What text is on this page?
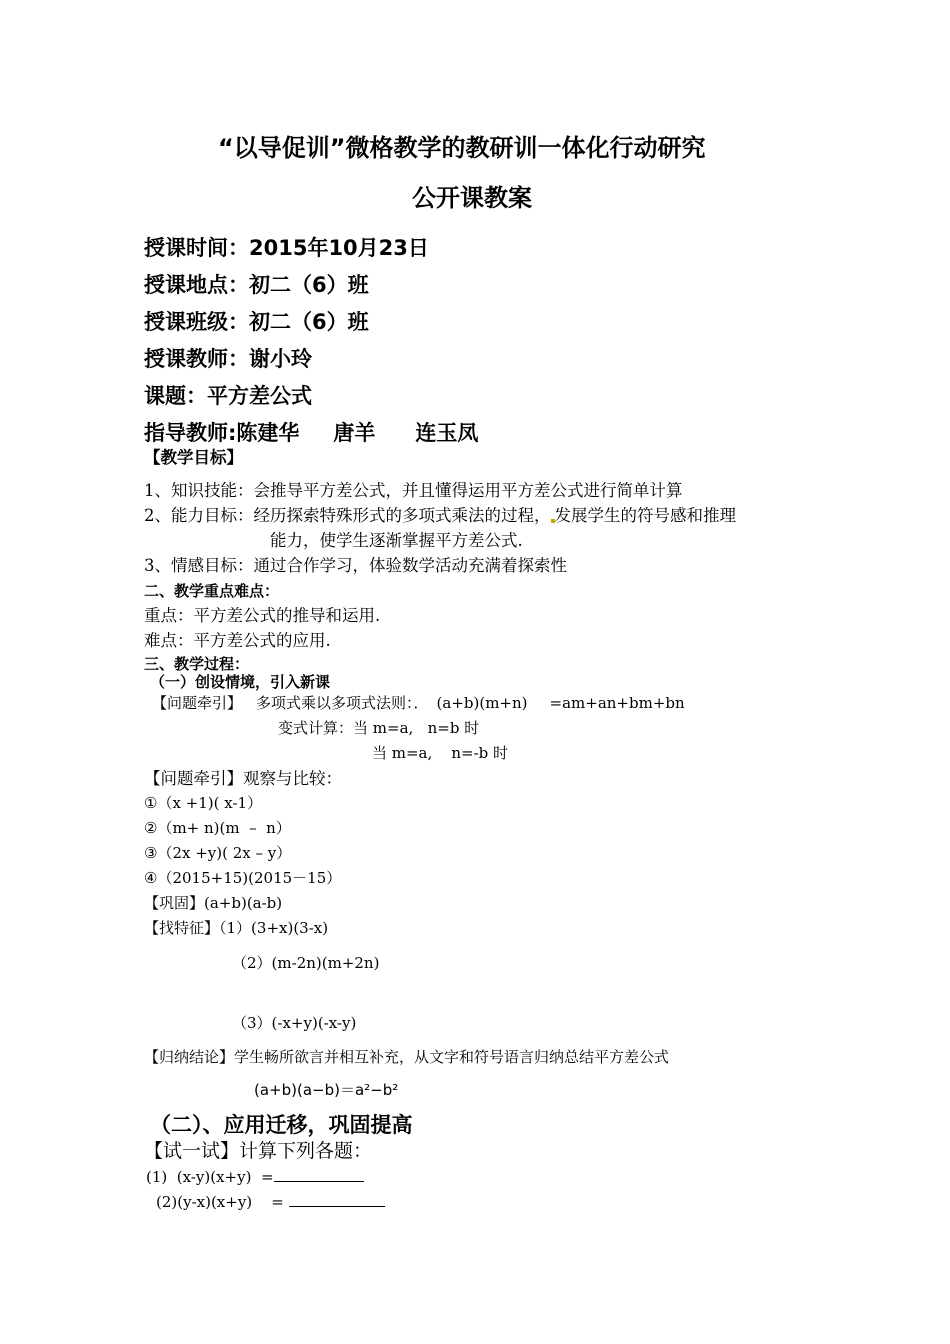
“以导促训”微格教学的教研训一体化行动研究
公开课教案
授课时间：2015年10月23日
授课地点：初二（6）班
授课班级：初二（6）班
授课教师：谢小玲
课题：平方差公式
指导教师:陈建华 唐羊 连玉凤
【教学目标】
1、知识技能：会推导平方差公式，并且懂得运用平方差公式进行简单计算
2、能力目标：经历探索特殊形式的多项式乘法的过程， 发展学生的符号感和推理
能力，使学生逐渐掌握平方差公式.
3、情感目标：通过合作学习，体验数学活动充满着探索性
二、教学重点难点：
重点：平方差公式的推导和运用.
难点：平方差公式的应用.
三、教学过程：
（一）创设情境，引入新课
【问题牵引】 多项式乘以多项式法则：． (a+b)(m+n) =am+an+bm+bn
变式计算：当 m=a,   n=b 时
当 m=a,    n=-b 时
【问题牵引】观察与比较：
①（x +1)( x-1）
②（m+ n)(m  –  n）
③（2x +y)( 2x – y）
④（2015+15)(2015－15）
【巩固】(a+b)(a-b)
【找特征】（1）(3+x)(3-x)
（2）(m-2n)(m+2n)
（3）(-x+y)(-x-y)
【归纳结论】学生畅所欲言并相互补充，从文字和符号语言归纳总结平方差公式
(a+b)(a−b)＝a²−b²
（二）、应用迁移，巩固提高
【试一试】计算下列各题：
(1)  (x-y)(x+y)  =
(2)(y-x)(x+y)    =
